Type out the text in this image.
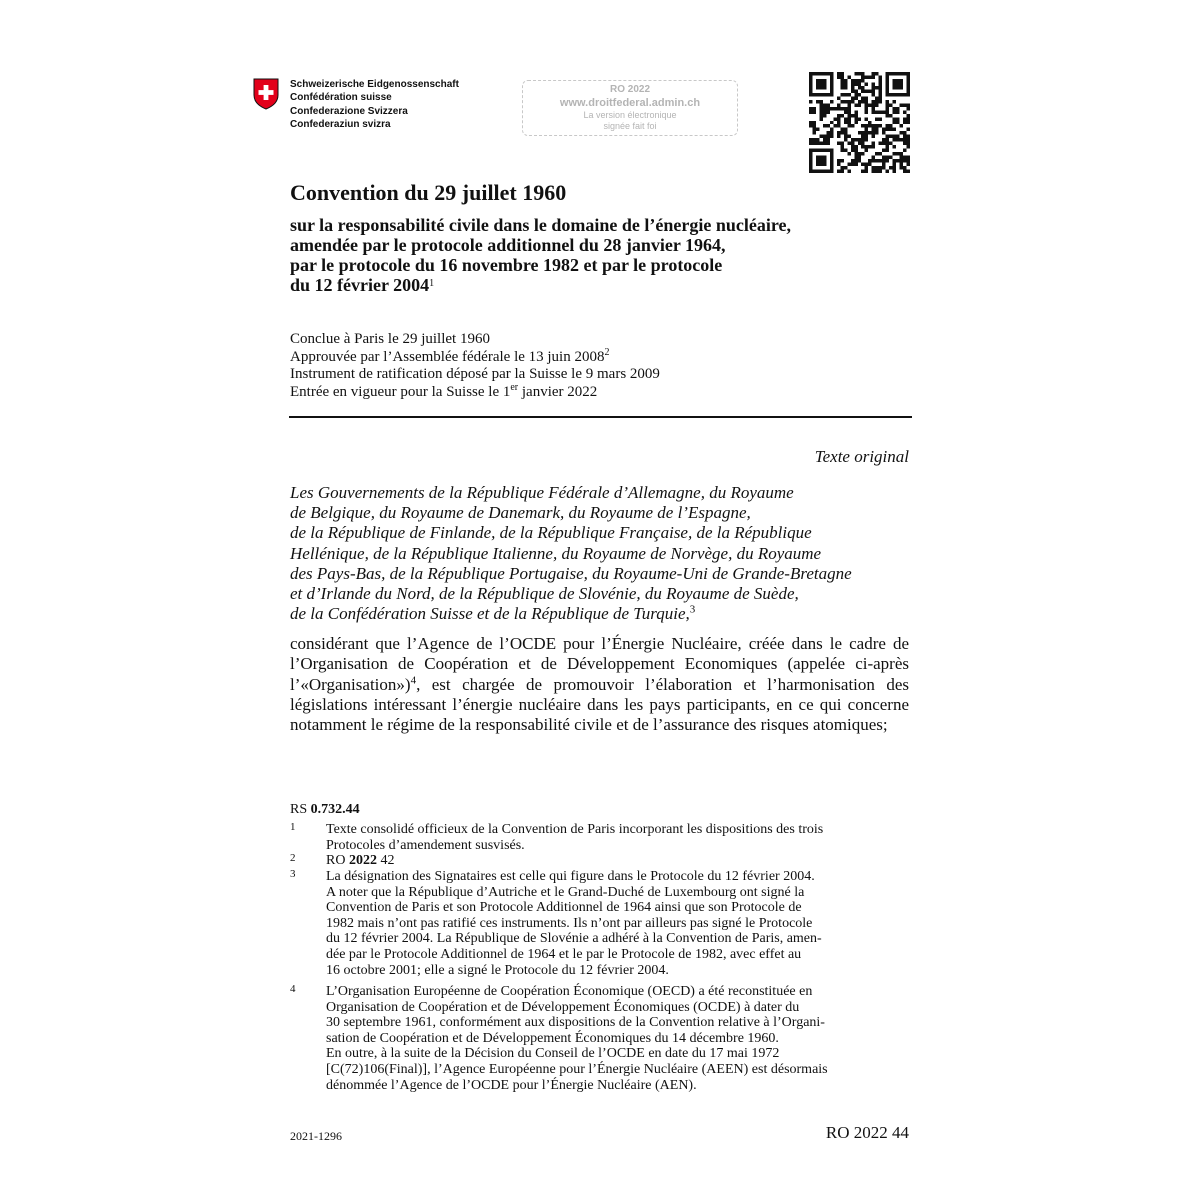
Schweizerische Eidgenossenschaft
Confédération suisse
Confederazione Svizzera
Confederaziun svizra
RO 2022
www.droitfederal.admin.ch
La version électronique
signée fait foi
Convention du 29 juillet 1960
sur la responsabilité civile dans le domaine de l’énergie nucléaire,
amendée par le protocole additionnel du 28 janvier 1964,
par le protocole du 16 novembre 1982 et par le protocole
du 12 février 2004$^1$
Conclue à Paris le 29 juillet 1960
Approuvée par l’Assemblée fédérale le 13 juin 2008$^2$
Instrument de ratification déposé par la Suisse le 9 mars 2009
Entrée en vigueur pour la Suisse le 1er janvier 2022
Texte original
Les Gouvernements de la République Fédérale d’Allemagne, du Royaume
de Belgique, du Royaume de Danemark, du Royaume de l’Espagne,
de la République de Finlande, de la République Française, de la République
Hellénique, de la République Italienne, du Royaume de Norvège, du Royaume
des Pays-Bas, de la République Portugaise, du Royaume-Uni de Grande-Bretagne
et d’Irlande du Nord, de la République de Slovénie, du Royaume de Suède,
de la Confédération Suisse et de la République de Turquie,$^3$
considérant que l’Agence de l’OCDE pour l’Énergie Nucléaire, créée dans le cadre de l’Organisation de Coopération et de Développement Economiques (appelée ci-après l’«Organisation»)$^4$, est chargée de promouvoir l’élaboration et l’harmonisation des législations intéressant l’énergie nucléaire dans les pays participants, en ce qui concerne notamment le régime de la responsabilité civile et de l’assurance des risques atomiques;
RS 0.732.44
1 Texte consolidé officieux de la Convention de Paris incorporant les dispositions des trois
Protocoles d’amendement susvisés.
2 RO 2022 42
3 La désignation des Signataires est celle qui figure dans le Protocole du 12 février 2004.
A noter que la République d’Autriche et le Grand-Duché de Luxembourg ont signé la
Convention de Paris et son Protocole Additionnel de 1964 ainsi que son Protocole de
1982 mais n’ont pas ratifié ces instruments. Ils n’ont par ailleurs pas signé le Protocole
du 12 février 2004. La République de Slovénie a adhéré à la Convention de Paris, amen-
dée par le Protocole Additionnel de 1964 et le par le Protocole de 1982, avec effet au
16 octobre 2001; elle a signé le Protocole du 12 février 2004.
4 L’Organisation Européenne de Coopération Économique (OECD) a été reconstituée en
Organisation de Coopération et de Développement Économiques (OCDE) à dater du
30 septembre 1961, conformément aux dispositions de la Convention relative à l’Organi-
sation de Coopération et de Développement Économiques du 14 décembre 1960.
En outre, à la suite de la Décision du Conseil de l’OCDE en date du 17 mai 1972
[C(72)106(Final)], l’Agence Européenne pour l’Énergie Nucléaire (AEEN) est désormais
dénommée l’Agence de l’OCDE pour l’Énergie Nucléaire (AEN).
2021-1296	RO 2022 44
